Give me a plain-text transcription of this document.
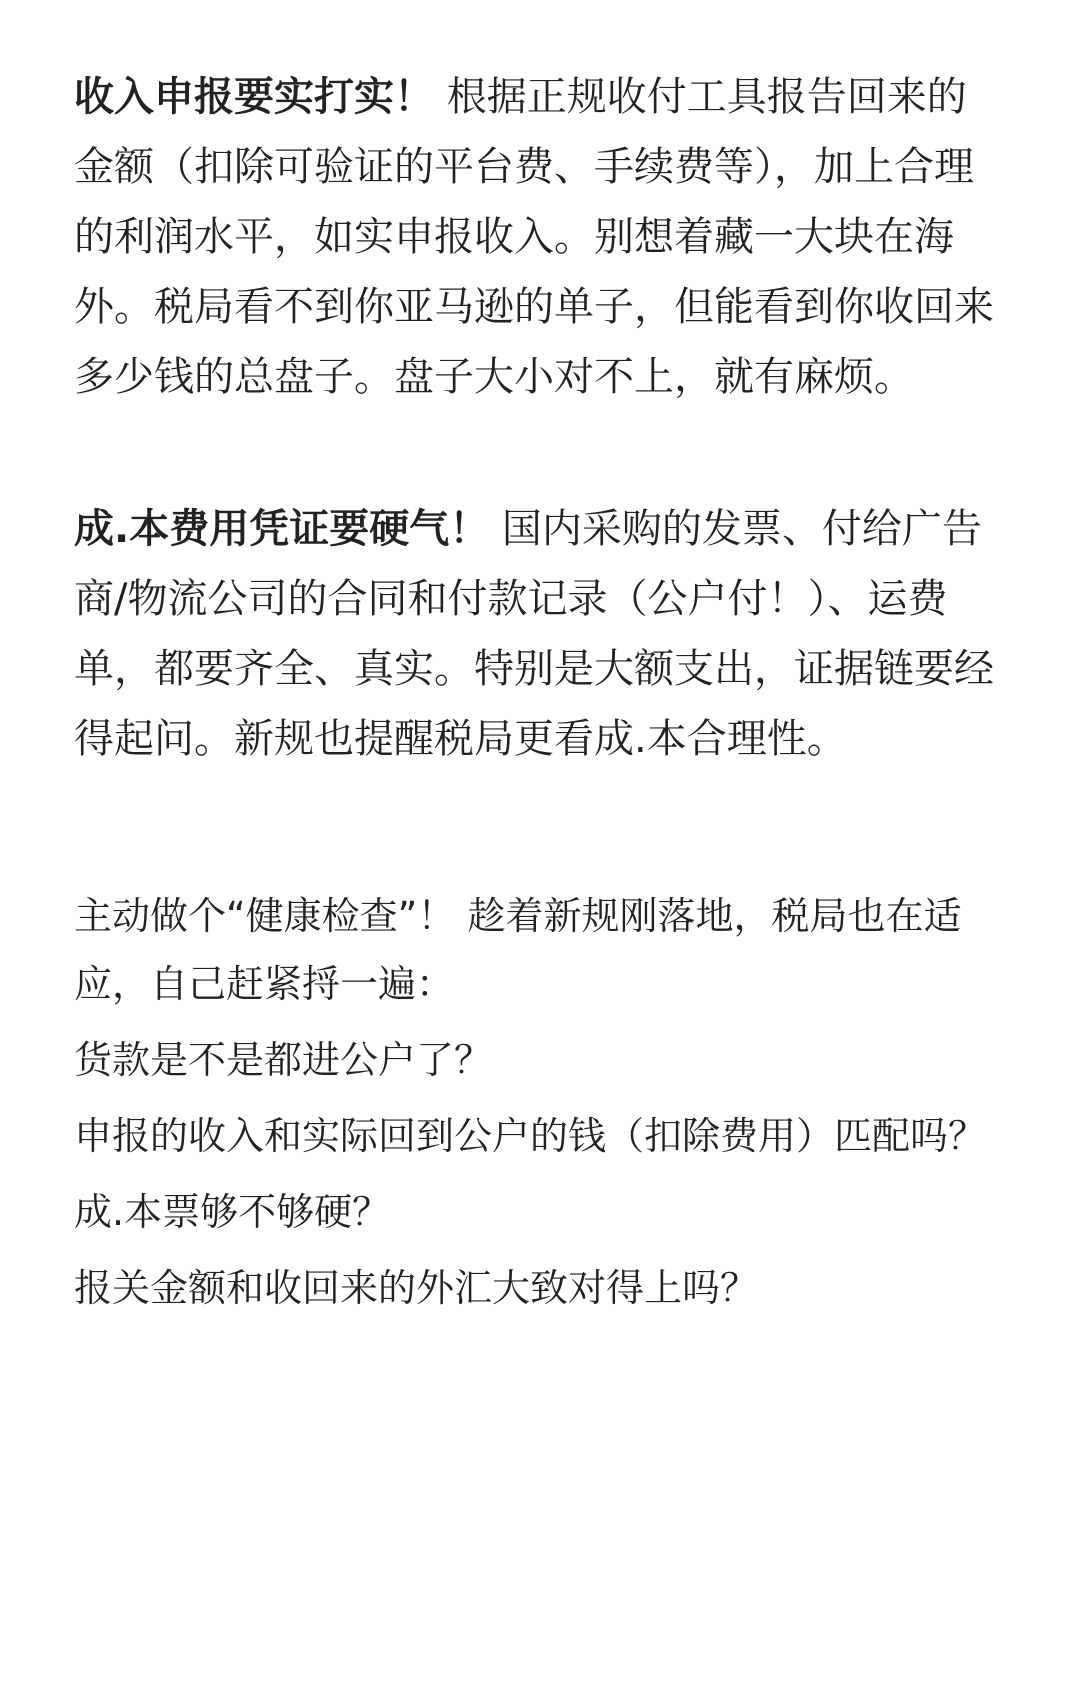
收入申报要实打实！ 根据正规收付工具报告回来的金额（扣除可验证的平台费、手续费等），加上合理的利润水平，如实申报收入。别想着藏一大块在海外。税局看不到你亚马逊的单子，但能看到你收回来多少钱的总盘子。盘子大小对不上，就有麻烦。

成.本费用凭证要硬气！ 国内采购的发票、付给广告商/物流公司的合同和付款记录（公户付！）、运费单，都要齐全、真实。特别是大额支出，证据链要经得起问。新规也提醒税局更看成.本合理性。

主动做个“健康检查”！ 趁着新规刚落地，税局也在适应，自己赶紧捋一遍：

货款是不是都进公户了？

申报的收入和实际回到公户的钱（扣除费用）匹配吗？

成.本票够不够硬？

报关金额和收回来的外汇大致对得上吗？
